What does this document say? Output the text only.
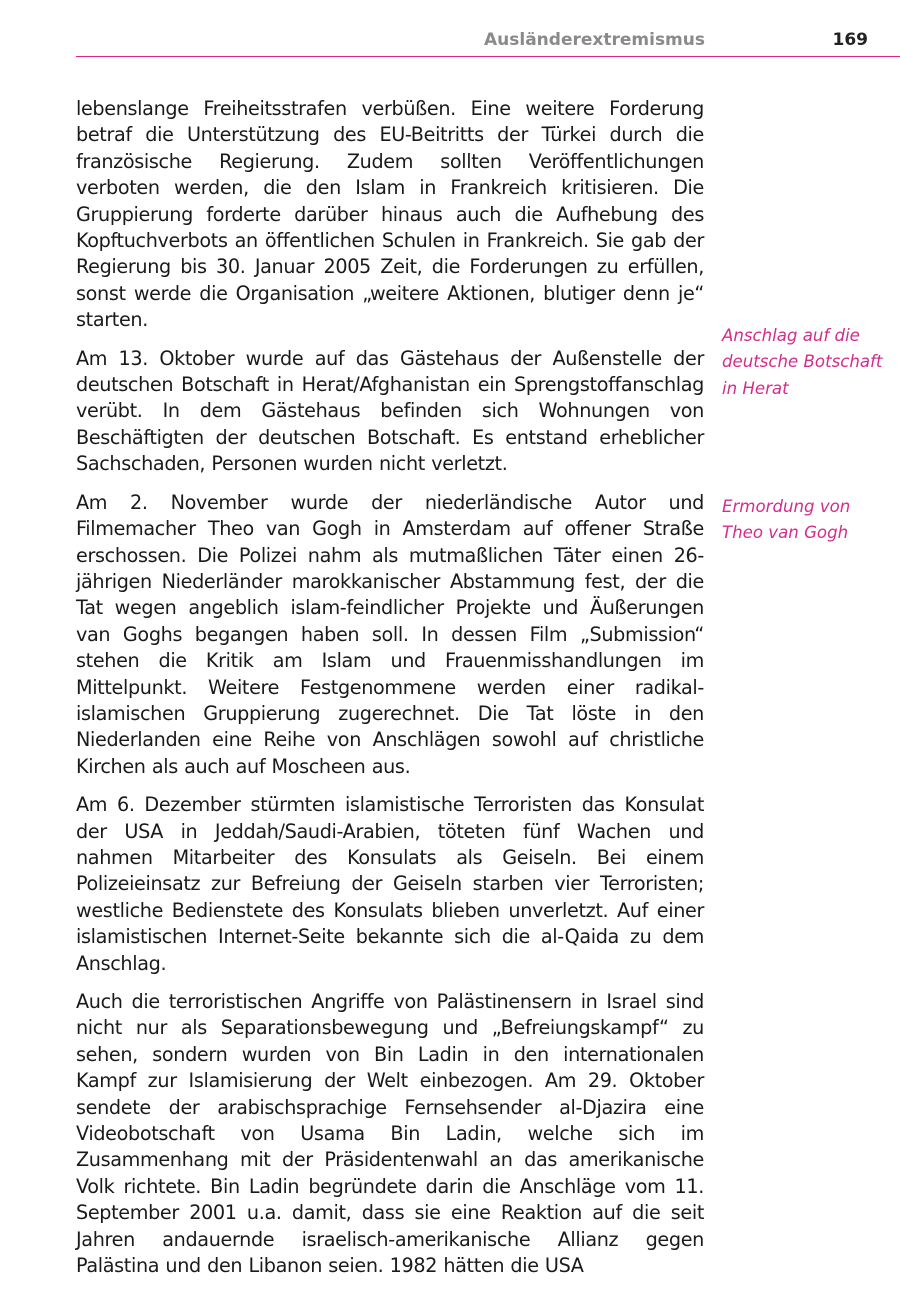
Ausländerextremismus	169

lebenslange Freiheitsstrafen verbüßen. Eine weitere Forderung betraf die Unterstützung des EU-Beitritts der Türkei durch die französische Regierung. Zudem sollten Veröffentlichungen verboten werden, die den Islam in Frankreich kritisieren. Die Gruppierung forderte darüber hinaus auch die Aufhebung des Kopftuchverbots an öffentlichen Schulen in Frankreich. Sie gab der Regierung bis 30. Januar 2005 Zeit, die Forderungen zu erfüllen, sonst werde die Organisation „weitere Aktionen, blutiger denn je“ starten.

Am 13. Oktober wurde auf das Gästehaus der Außenstelle der deutschen Botschaft in Herat/Afghanistan ein Sprengstoffanschlag verübt. In dem Gästehaus befinden sich Wohnungen von Beschäftigten der deutschen Botschaft. Es entstand erheblicher Sachschaden, Personen wurden nicht verletzt.

Am 2. November wurde der niederländische Autor und Filmemacher Theo van Gogh in Amsterdam auf offener Straße erschossen. Die Polizei nahm als mutmaßlichen Täter einen 26-jährigen Niederländer marokkanischer Abstammung fest, der die Tat wegen angeblich islam-feindlicher Projekte und Äußerungen van Goghs begangen haben soll. In dessen Film „Submission“ stehen die Kritik am Islam und Frauenmisshandlungen im Mittelpunkt. Weitere Festgenommene werden einer radikal-islamischen Gruppierung zugerechnet. Die Tat löste in den Niederlanden eine Reihe von Anschlägen sowohl auf christliche Kirchen als auch auf Moscheen aus.

Am 6. Dezember stürmten islamistische Terroristen das Konsulat der USA in Jeddah/Saudi-Arabien, töteten fünf Wachen und nahmen Mitarbeiter des Konsulats als Geiseln. Bei einem Polizeieinsatz zur Befreiung der Geiseln starben vier Terroristen; westliche Bedienstete des Konsulats blieben unverletzt. Auf einer islamistischen Internet-Seite bekannte sich die al-Qaida zu dem Anschlag.

Auch die terroristischen Angriffe von Palästinensern in Israel sind nicht nur als Separationsbewegung und „Befreiungskampf“ zu sehen, sondern wurden von Bin Ladin in den internationalen Kampf zur Islamisierung der Welt einbezogen. Am 29. Oktober sendete der arabischsprachige Fernsehsender al-Djazira eine Videobotschaft von Usama Bin Ladin, welche sich im Zusammenhang mit der Präsidentenwahl an das amerikanische Volk richtete. Bin Ladin begründete darin die Anschläge vom 11. September 2001 u.a. damit, dass sie eine Reaktion auf die seit Jahren andauernde israelisch-amerikanische Allianz gegen Palästina und den Libanon seien. 1982 hätten die USA

Anschlag auf die deutsche Botschaft in Herat
Ermordung von Theo van Gogh
